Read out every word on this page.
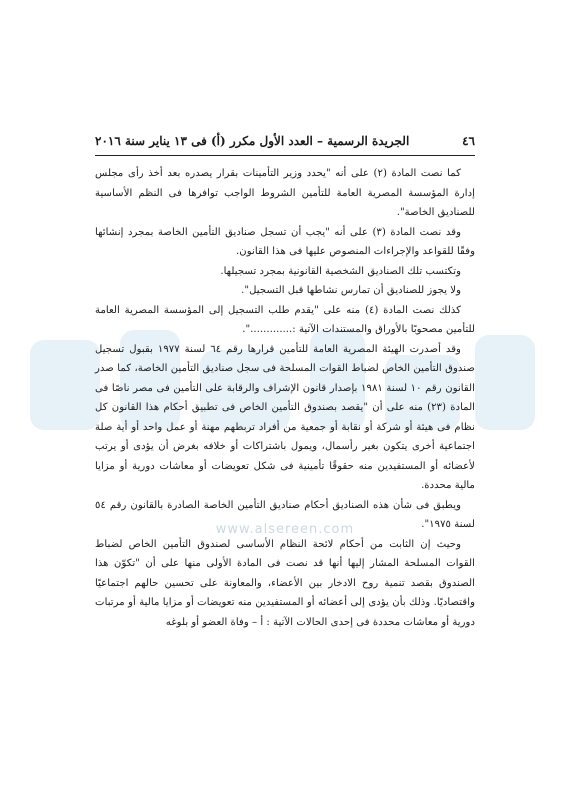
www.alsereen.com
٤٦
الجريدة الرسمية – العدد الأول مكرر (أ) فى ١٣ يناير سنة ٢٠١٦

كما نصت المادة (٢) على أنه "يحدد وزير التأمينات بقرار يصدره بعد أخذ رأى مجلس إدارة المؤسسة المصرية العامة للتأمين الشروط الواجب توافرها فى النظم الأساسية للصناديق الخاصة".

وقد نصت المادة (٣) على أنه "يجب أن تسجل صناديق التأمين الخاصة بمجرد إنشائها وفقًا للقواعد والإجراءات المنصوص عليها فى هذا القانون.

وتكتسب تلك الصناديق الشخصية القانونية بمجرد تسجيلها.

ولا يجوز للصناديق أن تمارس نشاطها قبل التسجيل".

كذلك نصت المادة (٤) منه على "يقدم طلب التسجيل إلى المؤسسة المصرية العامة للتأمين مصحوبًا بالأوراق والمستندات الآتية :.............".

وقد أصدرت الهيئة المصرية العامة للتأمين قرارها رقم ٦٤ لسنة ١٩٧٧ بقبول تسجيل صندوق التأمين الخاص لضباط القوات المسلحة فى سجل صناديق التأمين الخاصة، كما صدر القانون رقم ١٠ لسنة ١٩٨١ بإصدار قانون الإشراف والرقابة على التأمين فى مصر ناصًا فى المادة (٢٣) منه على أن "يقصد بصندوق التأمين الخاص فى تطبيق أحكام هذا القانون كل نظام فى هيئة أو شركة أو نقابة أو جمعية من أفراد تربطهم مهنة أو عمل واحد أو أية صلة اجتماعية أخرى يتكون بغير رأسمال، ويمول باشتراكات أو خلافه بغرض أن يؤدى أو يرتب لأعضائه أو المستفيدين منه حقوقًا تأمينية فى شكل تعويضات أو معاشات دورية أو مزايا مالية محددة.

ويطبق فى شأن هذه الصناديق أحكام صناديق التأمين الخاصة الصادرة بالقانون رقم ٥٤ لسنة ١٩٧٥".

وحيث إن الثابت من أحكام لائحة النظام الأساسى لصندوق التأمين الخاص لضباط القوات المسلحة المشار إليها أنها قد نصت فى المادة الأولى منها على أن "تكوّن هذا الصندوق بقصد تنمية روح الادخار بين الأعضاء، والمعاونة على تحسين حالهم اجتماعيًا واقتصاديًا. وذلك بأن يؤدى إلى أعضائه أو المستفيدين منه تعويضات أو مزايا مالية أو مرتبات دورية أو معاشات محددة فى إحدى الحالات الآتية : أ – وفاة العضو أو بلوغه
